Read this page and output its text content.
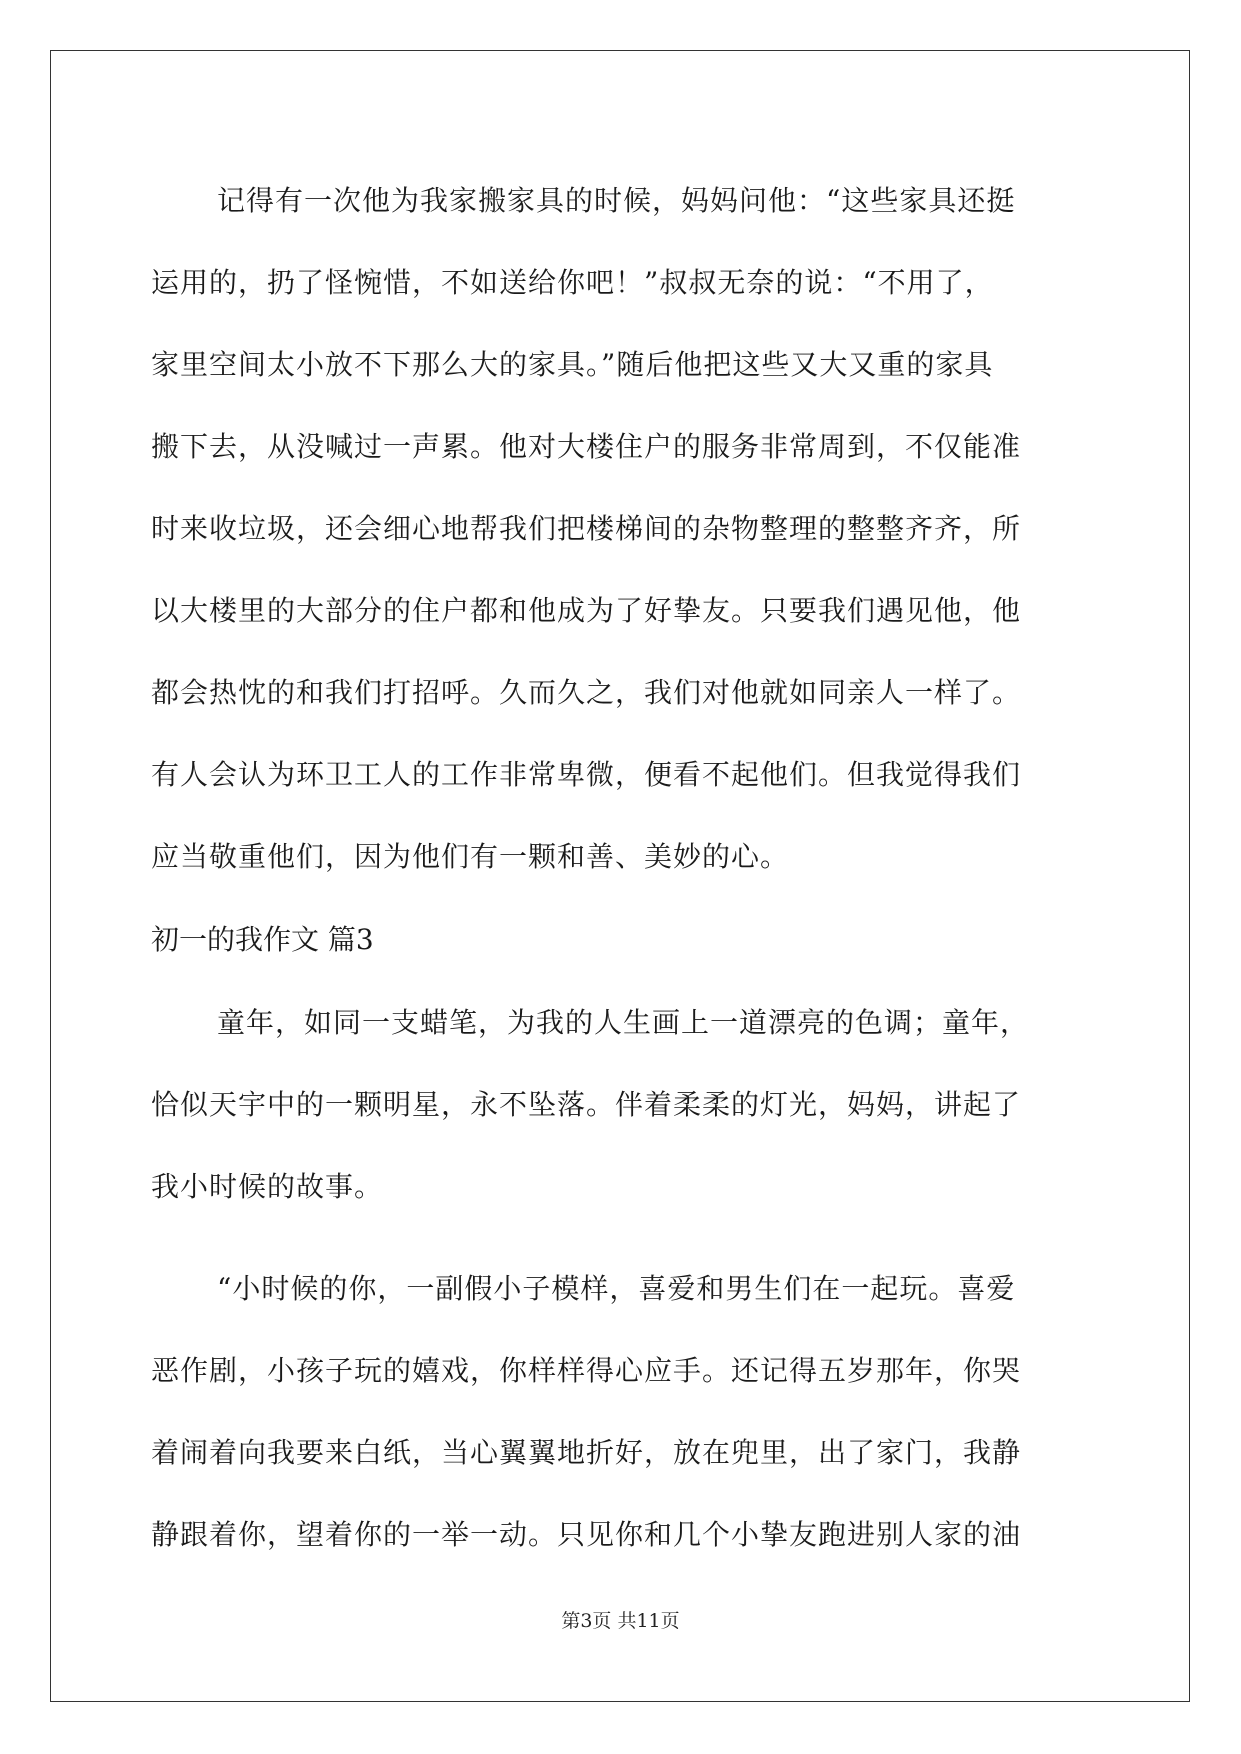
记得有一次他为我家搬家具的时候，妈妈问他：“这些家具还挺
运用的，扔了怪惋惜，不如送给你吧！”叔叔无奈的说：“不用了，
家里空间太小放不下那么大的家具。”随后他把这些又大又重的家具
搬下去，从没喊过一声累。他对大楼住户的服务非常周到，不仅能准
时来收垃圾，还会细心地帮我们把楼梯间的杂物整理的整整齐齐，所
以大楼里的大部分的住户都和他成为了好挚友。只要我们遇见他，他
都会热忱的和我们打招呼。久而久之，我们对他就如同亲人一样了。
有人会认为环卫工人的工作非常卑微，便看不起他们。但我觉得我们
应当敬重他们，因为他们有一颗和善、美妙的心。
初一的我作文 篇3
童年，如同一支蜡笔，为我的人生画上一道漂亮的色调；童年，
恰似天宇中的一颗明星，永不坠落。伴着柔柔的灯光，妈妈，讲起了
我小时候的故事。
“小时候的你，一副假小子模样，喜爱和男生们在一起玩。喜爱
恶作剧，小孩子玩的嬉戏，你样样得心应手。还记得五岁那年，你哭
着闹着向我要来白纸，当心翼翼地折好，放在兜里，出了家门，我静
静跟着你，望着你的一举一动。只见你和几个小挚友跑进别人家的油
第3页 共11页
